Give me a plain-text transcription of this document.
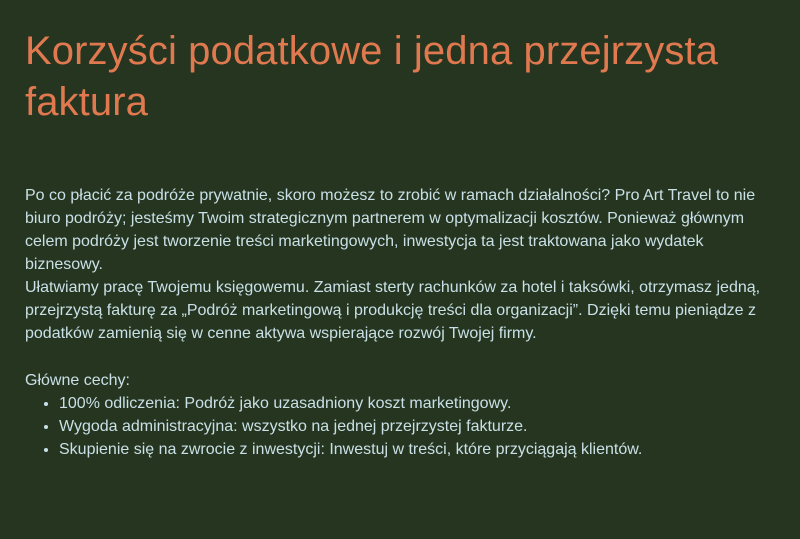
Korzyści podatkowe i jedna przejrzysta faktura

Po co płacić za podróże prywatnie, skoro możesz to zrobić w ramach działalności? Pro Art Travel to nie biuro podróży; jesteśmy Twoim strategicznym partnerem w optymalizacji kosztów. Ponieważ głównym celem podróży jest tworzenie treści marketingowych, inwestycja ta jest traktowana jako wydatek biznesowy.

Ułatwiamy pracę Twojemu księgowemu. Zamiast sterty rachunków za hotel i taksówki, otrzymasz jedną, przejrzystą fakturę za „Podróż marketingową i produkcję treści dla organizacji”. Dzięki temu pieniądze z podatków zamienią się w cenne aktywa wspierające rozwój Twojej firmy.

Główne cechy:

• 100% odliczenia: Podróż jako uzasadniony koszt marketingowy.
• Wygoda administracyjna: wszystko na jednej przejrzystej fakturze.
• Skupienie się na zwrocie z inwestycji: Inwestuj w treści, które przyciągają klientów.
